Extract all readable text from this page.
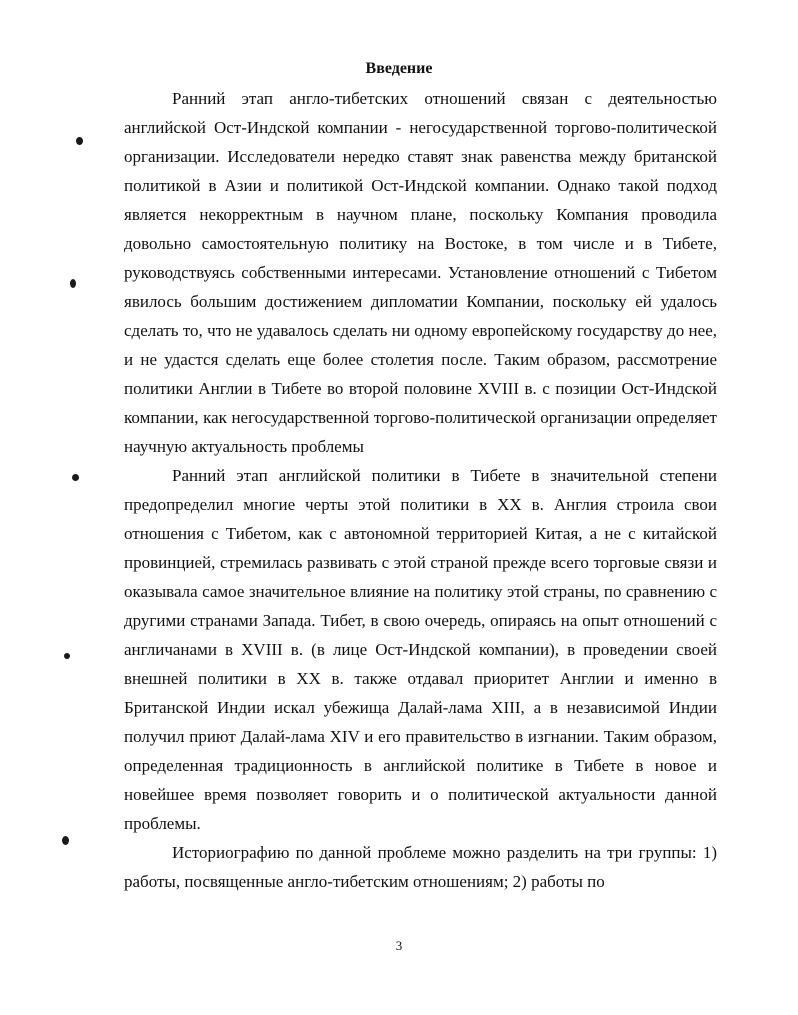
Введение

Ранний этап англо-тибетских отношений связан с деятельностью английской Ост-Индской компании - негосударственной торгово-политической организации. Исследователи нередко ставят знак равенства между британской политикой в Азии и политикой Ост-Индской компании. Однако такой подход является некорректным в научном плане, поскольку Компания проводила довольно самостоятельную политику на Востоке, в том числе и в Тибете, руководствуясь собственными интересами. Установление отношений с Тибетом явилось большим достижением дипломатии Компании, поскольку ей удалось сделать то, что не удавалось сделать ни одному европейскому государству до нее, и не удастся сделать еще более столетия после. Таким образом, рассмотрение политики Англии в Тибете во второй половине XVIII в. с позиции Ост-Индской компании, как негосударственной торгово-политической организации определяет научную актуальность проблемы

Ранний этап английской политики в Тибете в значительной степени предопределил многие черты этой политики в XX в. Англия строила свои отношения с Тибетом, как с автономной территорией Китая, а не с китайской провинцией, стремилась развивать с этой страной прежде всего торговые связи и оказывала самое значительное влияние на политику этой страны, по сравнению с другими странами Запада. Тибет, в свою очередь, опираясь на опыт отношений с англичанами в XVIII в. (в лице Ост-Индской компании), в проведении своей внешней политики в XX в. также отдавал приоритет Англии и именно в Британской Индии искал убежища Далай-лама XIII, а в независимой Индии получил приют Далай-лама XIV и его правительство в изгнании. Таким образом, определенная традиционность в английской политике в Тибете в новое и новейшее время позволяет говорить и о политической актуальности данной проблемы.

Историографию по данной проблеме можно разделить на три группы: 1) работы, посвященные англо-тибетским отношениям; 2) работы по

3
